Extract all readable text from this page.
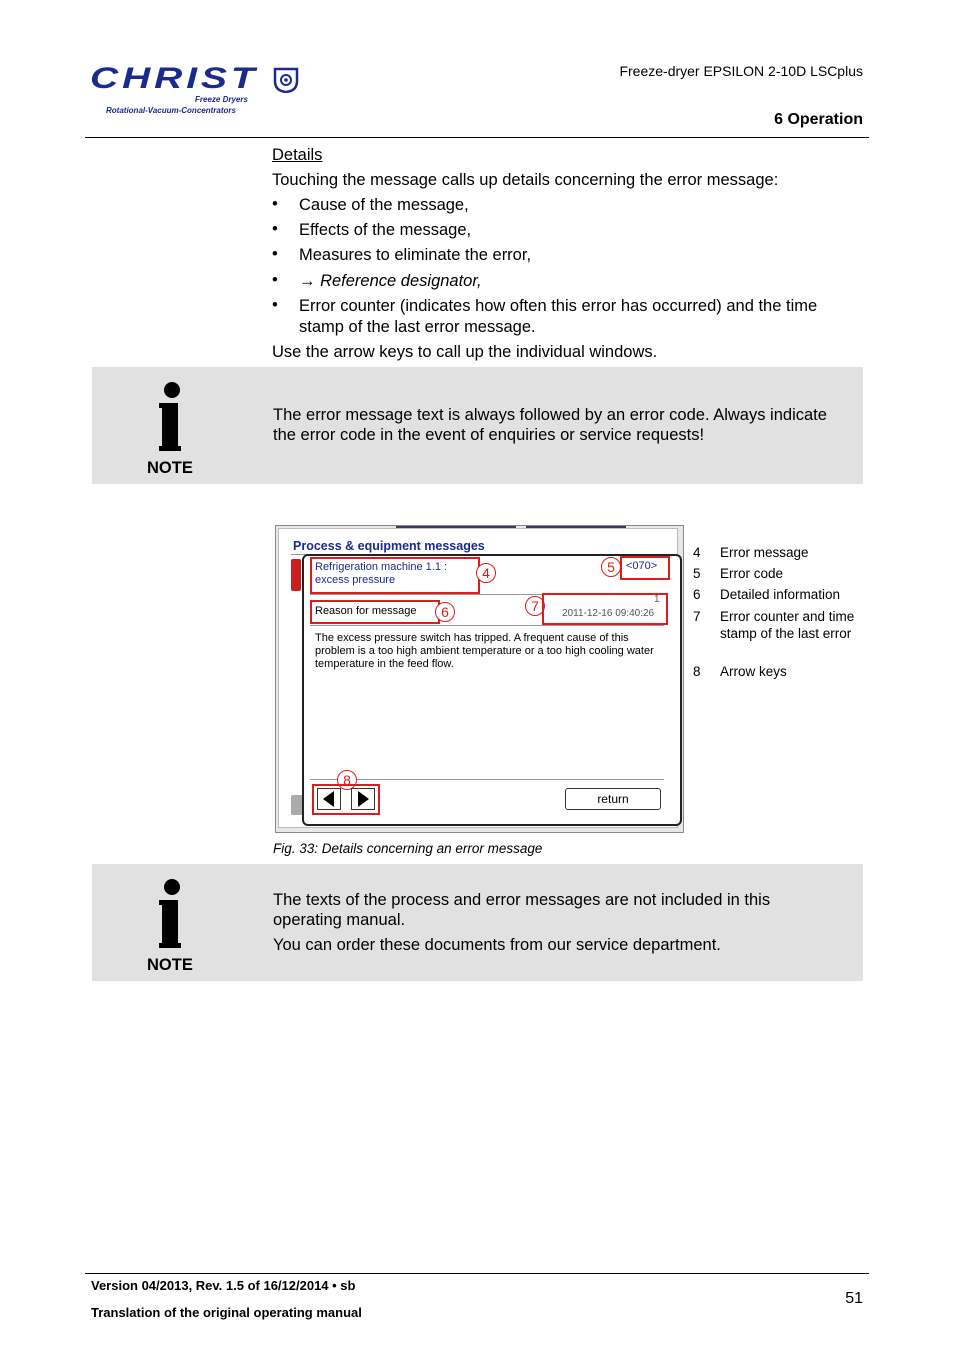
CHRIST
Freeze Dryers
Rotational-Vacuum-Concentrators
Freeze-dryer EPSILON 2-10D LSCplus
6 Operation
Details
Touching the message calls up details concerning the error message:
• Cause of the message,
• Effects of the message,
• Measures to eliminate the error,
• → Reference designator,
• Error counter (indicates how often this error has occurred) and the time stamp of the last error message.
Use the arrow keys to call up the individual windows.
NOTE
The error message text is always followed by an error code. Always indicate the error code in the event of enquiries or service requests!
Process & equipment messages
Refrigeration machine 1.1 :
excess pressure	4	5	<070>
Reason for message	6	7	1
2011-12-16 09:40:26
The excess pressure switch has tripped. A frequent cause of this problem is a too high ambient temperature or a too high cooling water temperature in the feed flow.
8
return
4 Error message
5 Error code
6 Detailed information
7 Error counter and time stamp of the last error
8 Arrow keys
Fig. 33: Details concerning an error message
NOTE
The texts of the process and error messages are not included in this operating manual.
You can order these documents from our service department.
Version 04/2013, Rev. 1.5 of 16/12/2014 • sb
Translation of the original operating manual
51
